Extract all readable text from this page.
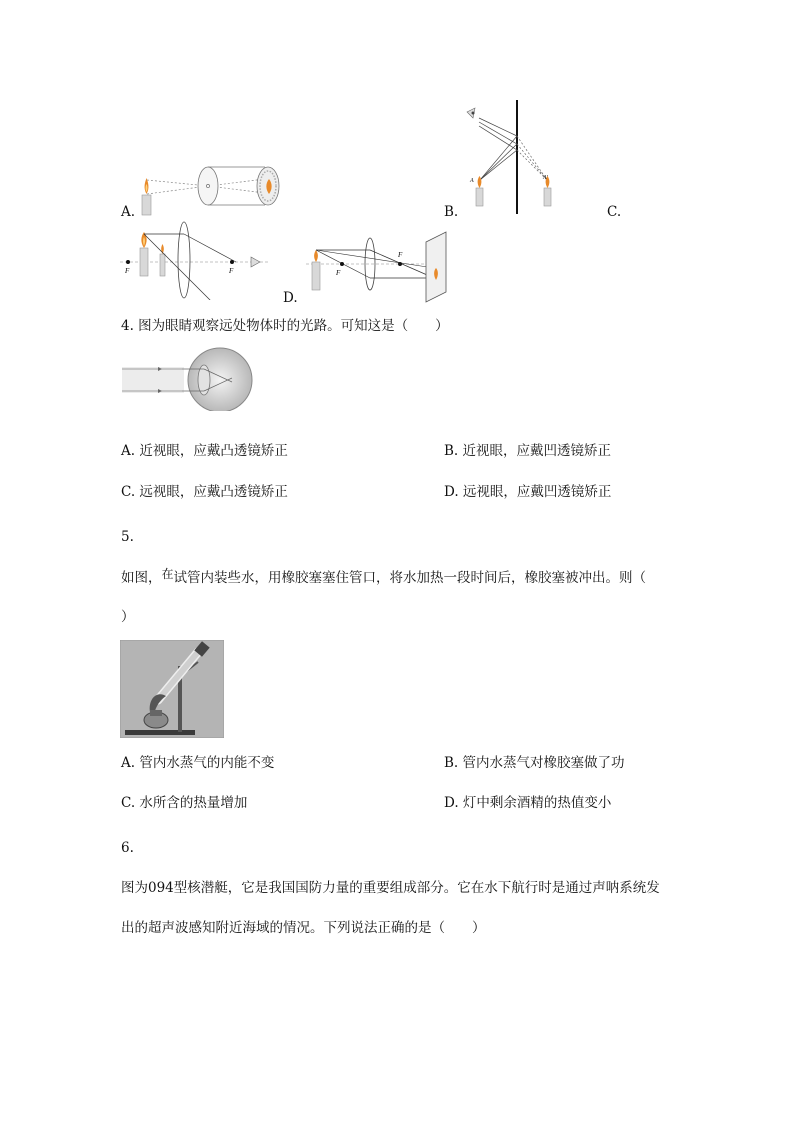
A.
A	A'
B.	C.
F	F	F
F
D.
4. 图为眼睛观察远处物体时的光路。可知这是（　　）
A. 近视眼，应戴凸透镜矫正	B. 近视眼，应戴凹透镜矫正
C. 远视眼，应戴凸透镜矫正	D. 远视眼，应戴凹透镜矫正
5.
如图，在试管内装些水，用橡胶塞塞住管口，将水加热一段时间后，橡胶塞被冲出。则（
）
A. 管内水蒸气的内能不变	B. 管内水蒸气对橡胶塞做了功
C. 水所含的热量增加	D. 灯中剩余酒精的热值变小
6.
图为094型核潜艇，它是我国国防力量的重要组成部分。它在水下航行时是通过声呐系统发
出的超声波感知附近海域的情况。下列说法正确的是（　　）
